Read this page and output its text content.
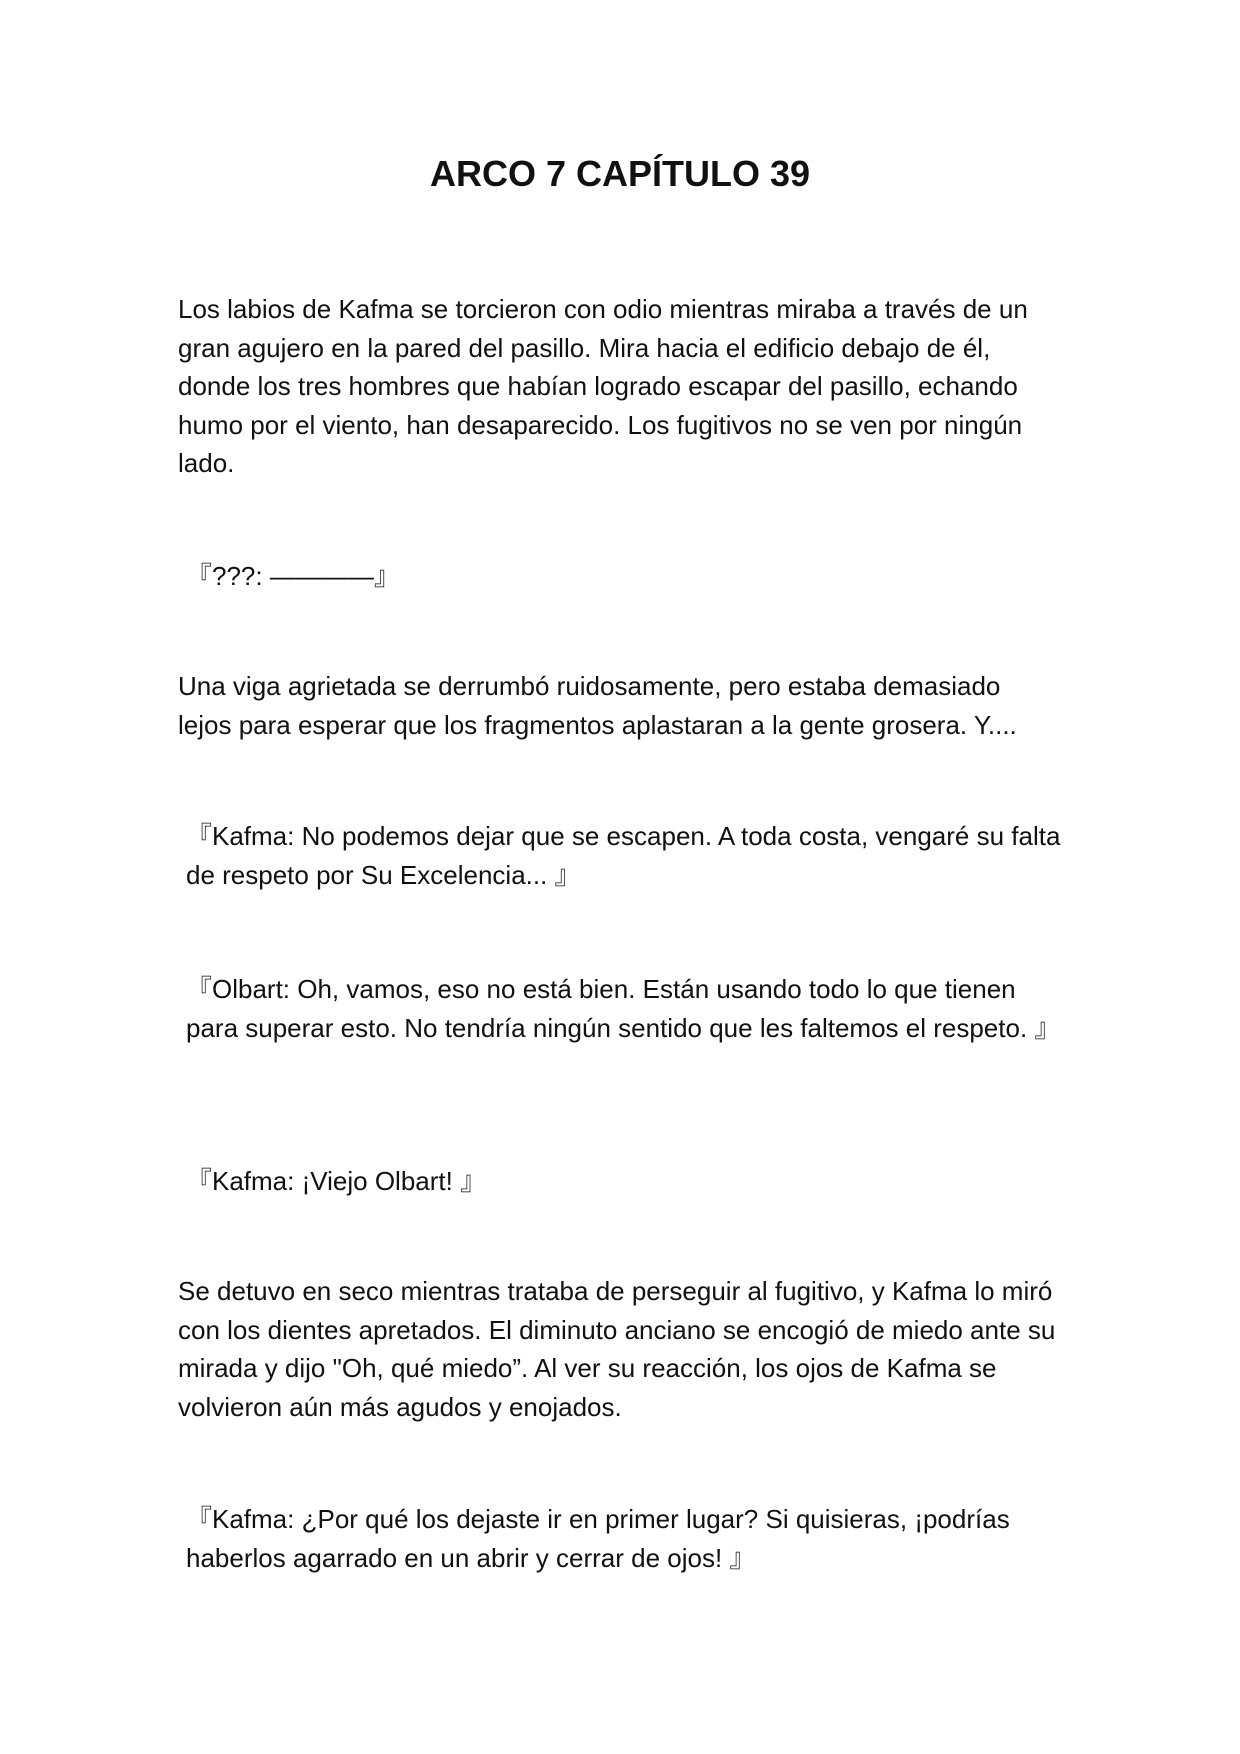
ARCO 7 CAPÍTULO 39

Los labios de Kafma se torcieron con odio mientras miraba a través de un gran agujero en la pared del pasillo. Mira hacia el edificio debajo de él, donde los tres hombres que habían logrado escapar del pasillo, echando humo por el viento, han desaparecido. Los fugitivos no se ven por ningún lado.

『???: ————』

Una viga agrietada se derrumbó ruidosamente, pero estaba demasiado lejos para esperar que los fragmentos aplastaran a la gente grosera. Y....

『Kafma: No podemos dejar que se escapen. A toda costa, vengaré su falta de respeto por Su Excelencia... 』

『Olbart: Oh, vamos, eso no está bien. Están usando todo lo que tienen para superar esto. No tendría ningún sentido que les faltemos el respeto. 』

『Kafma: ¡Viejo Olbart! 』

Se detuvo en seco mientras trataba de perseguir al fugitivo, y Kafma lo miró con los dientes apretados. El diminuto anciano se encogió de miedo ante su mirada y dijo "Oh, qué miedo”. Al ver su reacción, los ojos de Kafma se volvieron aún más agudos y enojados.

『Kafma: ¿Por qué los dejaste ir en primer lugar? Si quisieras, ¡podrías haberlos agarrado en un abrir y cerrar de ojos! 』
